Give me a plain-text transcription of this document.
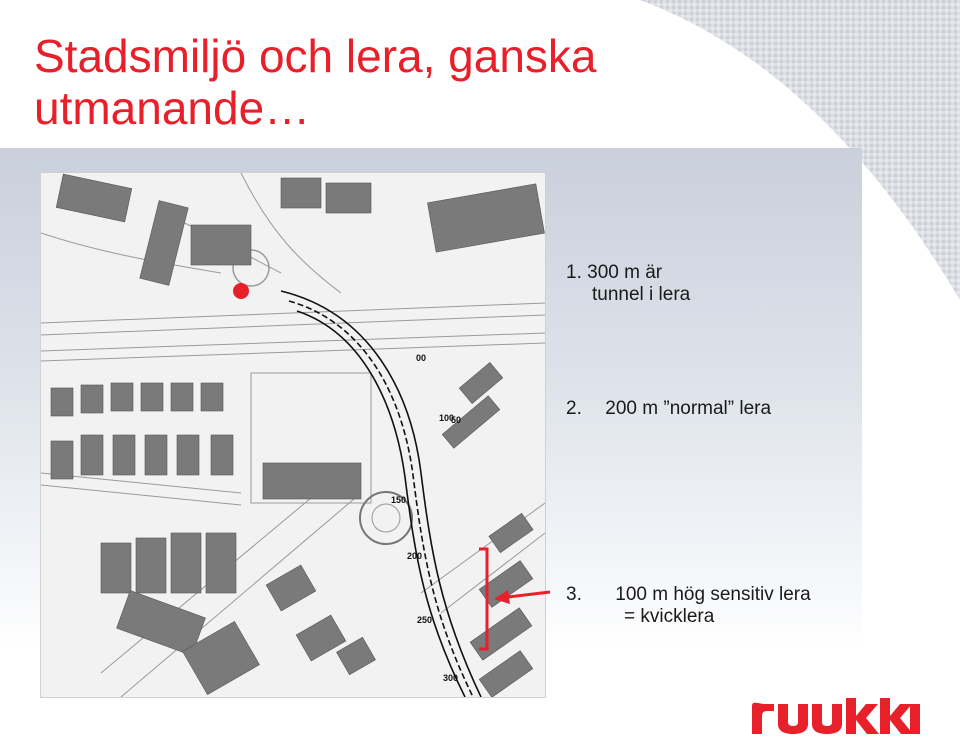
Stadsmiljö och lera, ganska
utmanande…
00
50
100
150
200
250
300
1. 300 m är
tunnel i lera
2. 200 m ”normal” lera
3. 100 m hög sensitiv lera
= kvicklera
